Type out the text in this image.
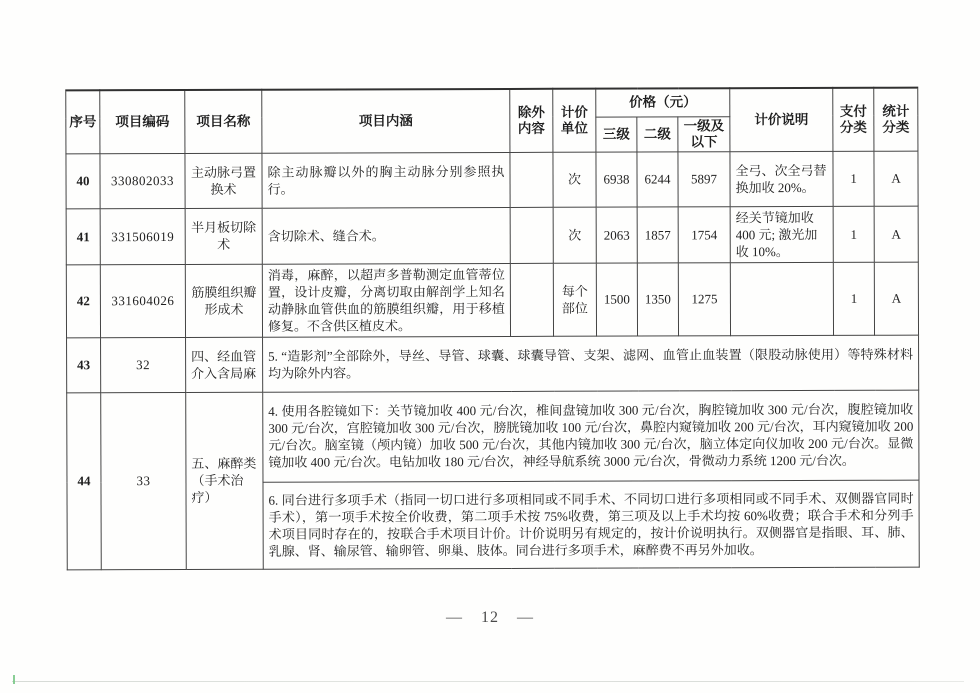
序号	项目编码	项目名称	项目内涵	除外内容	计价单位	价格（元）			计价说明	支付分类	统计分类
						三级	二级	一级及以下			
40	330802033	主动脉弓置换术	除主动脉瓣以外的胸主动脉分别参照执行。		次	6938	6244	5897	全弓、次全弓替换加收 20%。	1	A
41	331506019	半月板切除术	含切除术、缝合术。		次	2063	1857	1754	经关节镜加收 400 元; 激光加收 10%。	1	A
42	331604026	筋膜组织瓣形成术	消毒，麻醉，以超声多普勒测定血管蒂位置，设计皮瓣，分离切取由解剖学上知名动静脉血管供血的筋膜组织瓣，用于移植修复。不含供区植皮术。		每个部位	1500	1350	1275		1	A
43	32	四、经血管介入含局麻	5. “造影剂”全部除外，导丝、导管、球囊、球囊导管、支架、滤网、血管止血装置（限股动脉使用）等特殊材料均为除外内容。								
44	33	五、麻醉类（手术治疗）	4. 使用各腔镜如下：关节镜加收 400 元/台次，椎间盘镜加收 300 元/台次，胸腔镜加收 300 元/台次，腹腔镜加收 300 元/台次，宫腔镜加收 300 元/台次，膀胱镜加收 100 元/台次，鼻腔内窥镜加收 200 元/台次，耳内窥镜加收 200 元/台次。脑室镜（颅内镜）加收 500 元/台次，其他内镜加收 300 元/台次，脑立体定向仪加收 200 元/台次。显微镜加收 400 元/台次。电钻加收 180 元/台次，神经导航系统 3000 元/台次，骨微动力系统 1200 元/台次。								
			6. 同台进行多项手术（指同一切口进行多项相同或不同手术、不同切口进行多项相同或不同手术、双侧器官同时手术），第一项手术按全价收费，第二项手术按 75%收费，第三项及以上手术均按 60%收费；联合手术和分列手术项目同时存在的，按联合手术项目计价。计价说明另有规定的，按计价说明执行。双侧器官是指眼、耳、肺、乳腺、肾、输尿管、输卵管、卵巢、肢体。同台进行多项手术，麻醉费不再另外加收。								
— 12 —
